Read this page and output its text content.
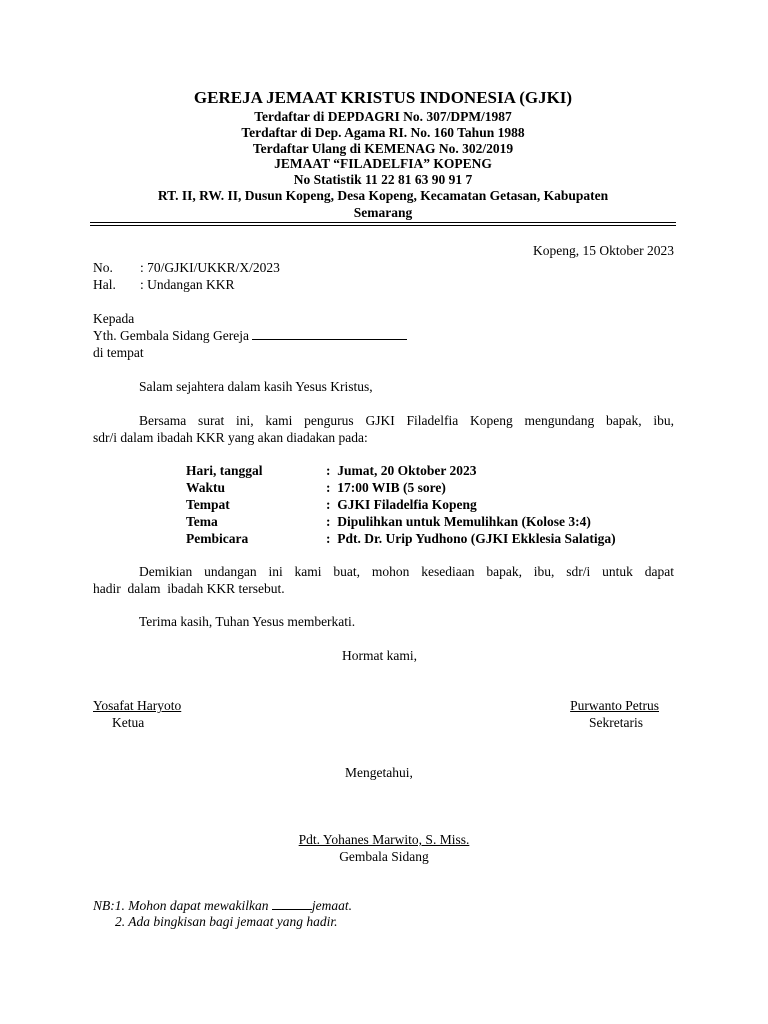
GEREJA JEMAAT KRISTUS INDONESIA (GJKI)
Terdaftar di DEPDAGRI No. 307/DPM/1987
Terdaftar di Dep. Agama RI. No. 160 Tahun 1988
Terdaftar Ulang di KEMENAG No. 302/2019
JEMAAT “FILADELFIA” KOPENG
No Statistik 11 22 81 63 90 91 7
RT. II, RW. II, Dusun Kopeng, Desa Kopeng, Kecamatan Getasan, Kabupaten
Semarang
Kopeng, 15 Oktober 2023
No. : 70/GJKI/UKKR/X/2023
Hal. : Undangan KKR
Kepada
Yth. Gembala Sidang Gereja
di tempat
Salam sejahtera dalam kasih Yesus Kristus,
Bersama surat ini, kami pengurus GJKI Filadelfia Kopeng mengundang bapak, ibu,
sdr/i dalam ibadah KKR yang akan diadakan pada:
Hari, tanggal	:  Jumat, 20 Oktober 2023
Waktu	:  17:00 WIB (5 sore)
Tempat	:  GJKI Filadelfia Kopeng
Tema	:  Dipulihkan untuk Memulihkan (Kolose 3:4)
Pembicara	:  Pdt. Dr. Urip Yudhono (GJKI Ekklesia Salatiga)
Demikian undangan ini kami buat, mohon kesediaan bapak, ibu, sdr/i untuk dapat
hadir  dalam  ibadah KKR tersebut.
Terima kasih, Tuhan Yesus memberkati.
Hormat kami,
Yosafat Haryoto
Ketua
Purwanto Petrus
Sekretaris
Mengetahui,
Pdt. Yohanes Marwito, S. Miss.
Gembala Sidang
NB:1. Mohon dapat mewakilkan	jemaat.
2. Ada bingkisan bagi jemaat yang hadir.
